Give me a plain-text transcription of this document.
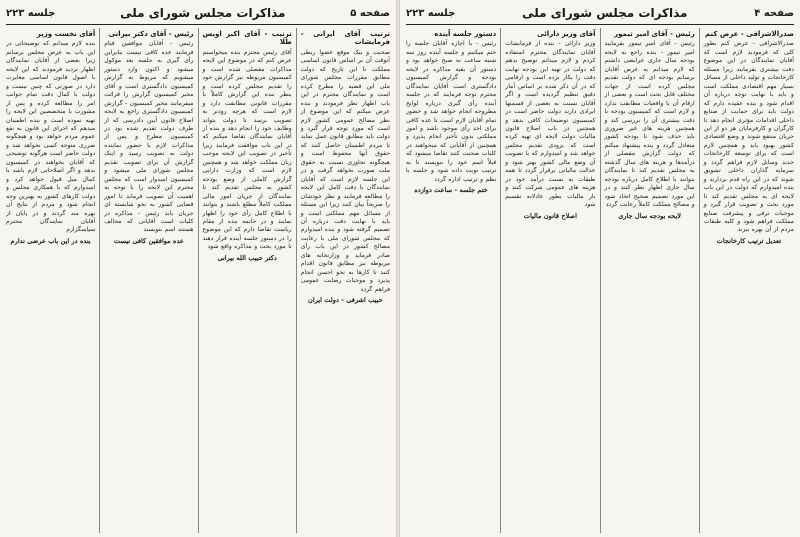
صفحه ۵
مذاکرات مجلس شورای ملی
جلسه ۲۲۳
ترتیب آقای ایرانی - فرمایشات
صحبت و بیک موقع عضوا ربطی آنوقت آن بر اساس قانون اساسی مملکت تا این تاریخ که دولت مطابق مقررات مجلس شورای ملی این قضیه را مطرح کرده است و نمایندگان محترم در این باب اظهار نظر فرمودند و بنده عرض میکنم که این موضوع از نظر مصالح عمومی کشور لازم است که مورد توجه قرار گیرد و دولت باید مطابق قانون عمل نماید تا مردم اطمینان حاصل کنند که حقوق آنها محفوظ است و هیچگونه تجاوزی نسبت به حقوق ملت صورت نخواهد گرفت و در این جلسه لازم است که آقایان نمایندگان با دقت کامل این لایحه را مطالعه فرمایند و نظر خودشان را صریحاً بیان کنند زیرا این مسئله از مسائل مهم مملکتی است و باید با نهایت دقت درباره آن تصمیم گرفته شود و بنده امیدوارم که مجلس شورای ملی با رعایت مصالح کشور در این باب رأی صادر فرماید و وزارتخانه های مربوطه نیز مطابق قانون اقدام کنند تا کارها به نحو احسن انجام پذیرد و موجبات رضایت عمومی فراهم گردد
حبیب اشرفی - دولت ایران
ترتیب - آقای اکبر اویس طلا
آقای رئیس محترم بنده میخواستم عرض کنم که در موضوع این لایحه مذاکرات مفصلی شده است و کمیسیون مربوطه نیز گزارش خود را تقدیم مجلس کرده است و بنظر بنده این گزارش کاملاً با مقررات قانونی مطابقت دارد و لازم است که هرچه زودتر به تصویب برسد تا دولت بتواند وظایف خود را انجام دهد و بنده از آقایان نمایندگان تقاضا میکنم که در این باب موافقت فرمایند زیرا تأخیر در تصویب این لایحه موجب زیان مملکت خواهد شد و همچنین لازم است که وزارت دارایی گزارش کاملی از وضع بودجه کشور به مجلس تقدیم کند تا نمایندگان از جریان امور مالی مملکت کاملاً مطلع باشند و بتوانند با اطلاع کامل رأی خود را اظهار نمایند و در خاتمه بنده از مقام ریاست تقاضا دارم که این موضوع را در دستور جلسه آینده قرار دهند تا مورد بحث و مذاکره واقع شود
دکتر حبیب الله بیرانی
رئیس - آقای دکتر بیرانی
رئیس - آقایان موافقین قیام فرمایند عده کافی نیست بنابراین رأی گیری به جلسه بعد موکول میشود و اکنون وارد دستور میشویم که مربوط به گزارش کمیسیون دادگستری است و آقای مخبر کمیسیون گزارش را قرائت میفرمایند مخبر کمیسیون - گزارش کمیسیون دادگستری راجع به لایحه اصلاح قانون آیین دادرسی که از طرف دولت تقدیم شده بود در کمیسیون مطرح و پس از مذاکرات لازم با حضور نماینده دولت به تصویب رسید و اینک گزارش آن برای تصویب تقدیم مجلس شورای ملی میشود و کمیسیون امیدوار است که مجلس محترم این لایحه را با توجه به اهمیت آن تصویب فرماید تا امور قضایی کشور به نحو شایسته ای جریان یابد رئیس - مذاکره در کلیات است آقایانی که مخالف هستند اسم بنویسند
عده موافقین کافی نیست
آقای نخست وزیر
بنده لازم میدانم که توضیحاتی در این باب به عرض مجلس برسانم زیرا بعضی از آقایان نمایندگان اظهار تردید فرمودند که این لایحه با اصول قانون اساسی مغایرت دارد در صورتی که چنین نیست و دولت با کمال دقت تمام جوانب امر را مطالعه کرده و پس از مشورت با متخصصین این لایحه را تهیه نموده است و بنده اطمینان میدهم که اجرای این قانون به نفع عموم مردم خواهد بود و هیچگونه ضرری متوجه کسی نخواهد شد و دولت حاضر است هرگونه توضیحی که آقایان بخواهند در کمیسیون بدهد و اگر اصلاحاتی لازم باشد با کمال میل قبول خواهد کرد و امیدوارم که با همکاری مجلس و دولت کارهای کشور به بهترین وجه انجام شود و مردم از نتایج آن بهره مند گردند و در پایان از آقایان نمایندگان محترم سپاسگزارم
بنده در این باب عرضی ندارم
صفحه ۴
مذاکرات مجلس شورای ملی
جلسه ۲۲۳
صدرالاشرافی - عرض کنم
صدرالاشرافی - عرض کنم بطور کلی که فرمودید لازم است که آقایان نمایندگان در این موضوع دقت بیشتری بفرمایند زیرا مسئله کارخانجات و تولید داخلی از مسائل بسیار مهم اقتصادی مملکت است و باید با نهایت توجه درباره آن اقدام شود و بنده عقیده دارم که دولت باید برای حمایت از صنایع داخلی اقدامات مؤثری انجام دهد تا کارگران و کارفرمایان هر دو از این جریان منتفع شوند و وضع اقتصادی کشور بهبود یابد و همچنین لازم است که برای توسعه کارخانجات جدید وسایل لازم فراهم گردد و سرمایه گذاران داخلی تشویق شوند که در این راه قدم بردارند و بنده امیدوارم که دولت در این باب لایحه ای به مجلس تقدیم کند تا مورد بحث و تصویب قرار گیرد و موجبات ترقی و پیشرفت صنایع مملکت فراهم شود و کلیه طبقات مردم از آن بهره ببرند
تعدیل ترتیب کارخانجات
رئیس - آقای امیر تیمور
رئیس - آقای امیر تیمور بفرمایید امیر تیمور - بنده راجع به لایحه بودجه سال جاری عرایضی داشتم که لازم میدانم به عرض آقایان برسانم بودجه ای که دولت تقدیم مجلس کرده است از جهات مختلف قابل بحث است و بعضی از ارقام آن با واقعیات مطابقت ندارد و لازم است که کمیسیون بودجه با دقت بیشتری آن را بررسی کند و همچنین هزینه های غیر ضروری باید حذف شود تا بودجه کشور متعادل گردد و بنده پیشنهاد میکنم که دولت گزارش مفصلی از درآمدها و هزینه های سال گذشته به مجلس تقدیم کند تا نمایندگان بتوانند با اطلاع کامل درباره بودجه سال جاری اظهار نظر کنند و در این مورد تصمیم صحیح اتخاذ شود و مصالح مملکت کاملاً رعایت گردد
لایحه بودجه سال جاری
آقای وزیر دارائی
وزیر دارائی - بنده از فرمایشات آقایان نمایندگان محترم استفاده کردم و لازم میدانم توضیح بدهم که دولت در تهیه این بودجه نهایت دقت را بکار برده است و ارقامی که در آن ذکر شده بر اساس آمار دقیق تنظیم گردیده است و اگر آقایان نسبت به بعضی از قسمتها ایرادی دارند دولت حاضر است در کمیسیون توضیحات کافی بدهد و همچنین در باب اصلاح قانون مالیات دولت لایحه ای تهیه کرده است که بزودی تقدیم مجلس خواهد شد و امیدوارم که با تصویب آن وضع مالی کشور بهتر شود و عدالت مالیاتی برقرار گردد تا همه طبقات به نسبت درآمد خود در هزینه های عمومی شرکت کنند و بار مالیات بطور عادلانه تقسیم شود
اصلاح قانون مالیات
دستور جلسه آینده
رئیس - با اجازه آقایان جلسه را ختم میکنیم و جلسه آینده روز سه شنبه ساعت نه صبح خواهد بود و دستور آن بقیه مذاکره در لایحه بودجه و گزارش کمیسیون دادگستری است آقایان نمایندگان محترم توجه فرمایند که در جلسه آینده رأی گیری درباره لوایح مطروحه انجام خواهد شد و حضور تمام آقایان لازم است تا عده کافی برای اخذ رأی موجود باشد و امور مملکتی بدون تأخیر انجام پذیرد و همچنین از آقایانی که میخواهند در کلیات صحبت کنند تقاضا میشود که قبلاً اسم خود را بنویسند تا به ترتیب نوبت داده شود و جلسه با نظم و ترتیب اداره گردد
ختم جلسه - ساعت دوازده
